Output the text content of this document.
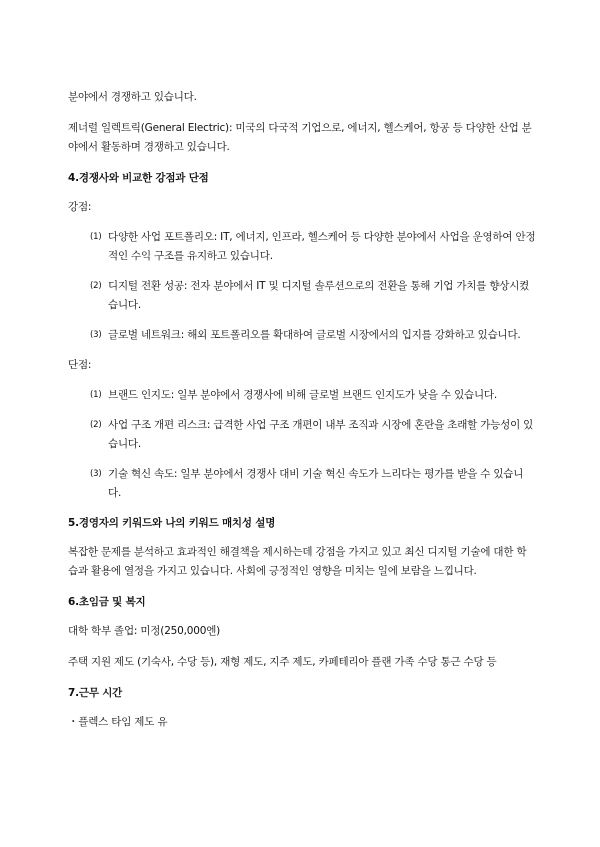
분야에서 경쟁하고 있습니다.

제너럴 일렉트릭(General Electric): 미국의 다국적 기업으로, 에너지, 헬스케어, 항공 등 다양한 산업 분야에서 활동하며 경쟁하고 있습니다.

4.경쟁사와 비교한 강점과 단점

강점:

(1) 다양한 사업 포트폴리오: IT, 에너지, 인프라, 헬스케어 등 다양한 분야에서 사업을 운영하여 안정적인 수익 구조를 유지하고 있습니다.
(2) 디지털 전환 성공: 전자 분야에서 IT 및 디지털 솔루션으로의 전환을 통해 기업 가치를 향상시켰습니다.
(3) 글로벌 네트워크: 해외 포트폴리오를 확대하여 글로벌 시장에서의 입지를 강화하고 있습니다.

단점:

(1) 브랜드 인지도: 일부 분야에서 경쟁사에 비해 글로벌 브랜드 인지도가 낮을 수 있습니다.
(2) 사업 구조 개편 리스크: 급격한 사업 구조 개편이 내부 조직과 시장에 혼란을 초래할 가능성이 있습니다.
(3) 기술 혁신 속도: 일부 분야에서 경쟁사 대비 기술 혁신 속도가 느리다는 평가를 받을 수 있습니다.

5.경영자의 키워드와 나의 키워드 매치성 설명

복잡한 문제를 분석하고 효과적인 해결책을 제시하는데 강점을 가지고 있고 최신 디지털 기술에 대한 학습과 활용에 열정을 가지고 있습니다. 사회에 긍정적인 영향을 미치는 일에 보람을 느낍니다.

6.초임금 및 복지

대학 학부 졸업: 미정(250,000엔)

주택 지원 제도 (기숙사, 수당 등), 재형 제도, 지주 제도, 카페테리아 플랜 가족 수당 통근 수당 등

7.근무 시간

・플렉스 타임 제도 유
